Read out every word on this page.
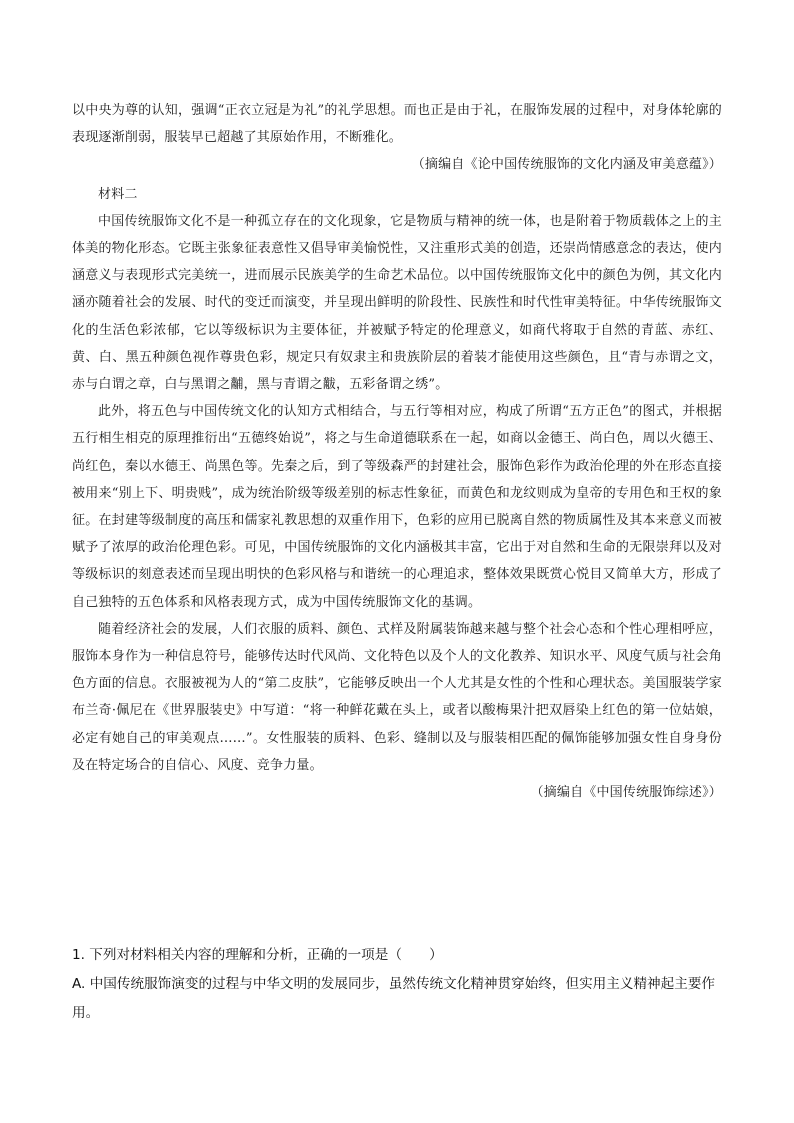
以中央为尊的认知，强调“正衣立冠是为礼”的礼学思想。而也正是由于礼，在服饰发展的过程中，对身体轮廓的表现逐渐削弱，服装早已超越了其原始作用，不断雅化。

（摘编自《论中国传统服饰的文化内涵及审美意蕴》）

材料二

中国传统服饰文化不是一种孤立存在的文化现象，它是物质与精神的统一体，也是附着于物质载体之上的主体美的物化形态。它既主张象征表意性又倡导审美愉悦性，又注重形式美的创造，还崇尚情感意念的表达，使内涵意义与表现形式完美统一，进而展示民族美学的生命艺术品位。以中国传统服饰文化中的颜色为例，其文化内涵亦随着社会的发展、时代的变迁而演变，并呈现出鲜明的阶段性、民族性和时代性审美特征。中华传统服饰文化的生活色彩浓郁，它以等级标识为主要体征，并被赋予特定的伦理意义，如商代将取于自然的青蓝、赤红、黄、白、黑五种颜色视作尊贵色彩，规定只有奴隶主和贵族阶层的着装才能使用这些颜色，且“青与赤谓之文，赤与白谓之章，白与黑谓之黼，黑与青谓之黻，五彩备谓之绣”。

此外，将五色与中国传统文化的认知方式相结合，与五行等相对应，构成了所谓“五方正色”的图式，并根据五行相生相克的原理推衍出“五德终始说”，将之与生命道德联系在一起，如商以金德王、尚白色，周以火德王、尚红色，秦以水德王、尚黑色等。先秦之后，到了等级森严的封建社会，服饰色彩作为政治伦理的外在形态直接被用来“别上下、明贵贱”，成为统治阶级等级差别的标志性象征，而黄色和龙纹则成为皇帝的专用色和王权的象征。在封建等级制度的高压和儒家礼教思想的双重作用下，色彩的应用已脱离自然的物质属性及其本来意义而被赋予了浓厚的政治伦理色彩。可见，中国传统服饰的文化内涵极其丰富，它出于对自然和生命的无限崇拜以及对等级标识的刻意表述而呈现出明快的色彩风格与和谐统一的心理追求，整体效果既赏心悦目又简单大方，形成了自己独特的五色体系和风格表现方式，成为中国传统服饰文化的基调。

随着经济社会的发展，人们衣服的质料、颜色、式样及附属装饰越来越与整个社会心态和个性心理相呼应，服饰本身作为一种信息符号，能够传达时代风尚、文化特色以及个人的文化教养、知识水平、风度气质与社会角色方面的信息。衣服被视为人的“第二皮肤”，它能够反映出一个人尤其是女性的个性和心理状态。美国服装学家布兰奇·佩尼在《世界服装史》中写道：“将一种鲜花戴在头上，或者以酸梅果汁把双唇染上红色的第一位姑娘，必定有她自己的审美观点……”。女性服装的质料、色彩、缝制以及与服装相匹配的佩饰能够加强女性自身身份及在特定场合的自信心、风度、竞争力量。

（摘编自《中国传统服饰综述》）

1. 下列对材料相关内容的理解和分析，正确的一项是（　　）

A. 中国传统服饰演变的过程与中华文明的发展同步，虽然传统文化精神贯穿始终，但实用主义精神起主要作用。
